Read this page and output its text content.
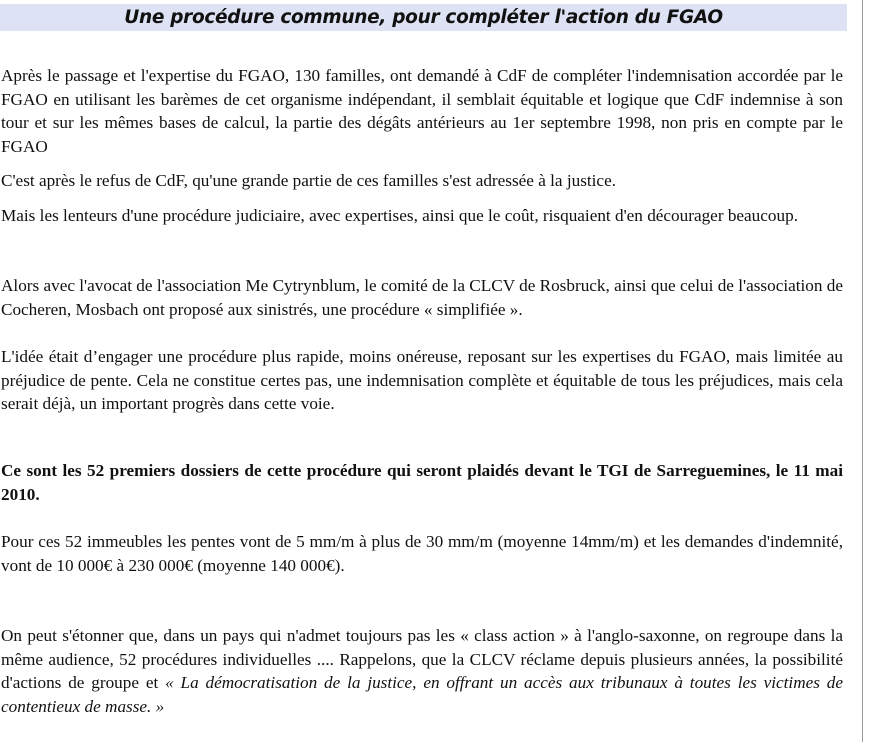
Une procédure commune, pour compléter l'action du FGAO

Après le passage et l'expertise du FGAO, 130 familles, ont demandé à CdF de compléter l'indemnisation accordée par le FGAO en utilisant les barèmes de cet organisme indépendant, il semblait équitable et logique que CdF indemnise à son tour et sur les mêmes bases de calcul, la partie des dégâts antérieurs au 1er septembre 1998, non pris en compte par le FGAO

C'est après le refus de CdF, qu'une grande partie de ces familles s'est adressée à la justice.

Mais les lenteurs d'une procédure judiciaire, avec expertises, ainsi que le coût, risquaient d'en décourager beaucoup.

Alors avec l'avocat de l'association Me Cytrynblum, le comité de la CLCV de Rosbruck, ainsi que celui de l'association de Cocheren, Mosbach ont proposé aux sinistrés, une procédure « simplifiée ».

L'idée était d’engager une procédure plus rapide, moins onéreuse, reposant sur les expertises du FGAO, mais limitée au préjudice de pente. Cela ne constitue certes pas, une indemnisation complète et équitable de tous les préjudices, mais cela serait déjà, un important progrès dans cette voie.

Ce sont les 52 premiers dossiers de cette procédure qui seront plaidés devant le TGI de Sarreguemines, le 11 mai 2010.

Pour ces 52 immeubles les pentes vont de 5 mm/m à plus de 30 mm/m (moyenne 14mm/m) et les demandes d'indemnité, vont de 10 000€ à 230 000€ (moyenne 140 000€).

On peut s'étonner que, dans un pays qui n'admet toujours pas les « class action » à l'anglo-saxonne, on regroupe dans la même audience, 52 procédures individuelles .... Rappelons, que la CLCV réclame depuis plusieurs années, la possibilité d'actions de groupe et « La démocratisation de la justice, en offrant un accès aux tribunaux à toutes les victimes de contentieux de masse. »
